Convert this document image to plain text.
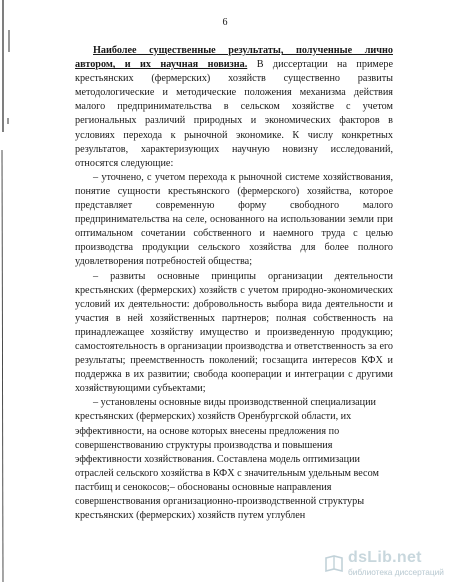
6

Наиболее существенные результаты, полученные лично автором, и их научная новизна. В диссертации на примере крестьянских (фермерских) хозяйств существенно развиты методологические и методические положения механизма действия малого предпринимательства в сельском хозяйстве с учетом региональных различий природных и экономических факторов в условиях перехода к рыночной экономике. К числу конкретных результатов, характеризующих научную новизну исследований, относятся следующие:

– уточнено, с учетом перехода к рыночной системе хозяйствования, понятие сущности крестьянского (фермерского) хозяйства, которое представляет современную форму свободного малого предпринимательства на селе, основанного на использовании земли при оптимальном сочетании собственного и наемного труда с целью производства продукции сельского хозяйства для более полного удовлетворения потребностей общества;

– развиты основные принципы организации деятельности крестьянских (фермерских) хозяйств с учетом природно-экономических условий их деятельности: добровольность выбора вида деятельности и участия в ней хозяйственных партнеров; полная собственность на принадлежащее хозяйству имущество и произведенную продукцию; самостоятельность в организации производства и ответственность за его результаты; преемственность поколений; госзащита интересов КФХ и поддержка в их развитии; свобода кооперации и интеграции с другими хозяйствующими субъектами;

– установлены основные виды производственной специализации крестьянских (фермерских) хозяйств Оренбургской области, их эффективности, на основе которых внесены предложения по совершенствованию структуры производства и повышения эффективности хозяйствования. Составлена модель оптимизации отраслей сельского хозяйства в КФХ с значительным удельным весом пастбищ и сенокосов;– обоснованы основные направления совершенствования организационно-производственной структуры крестьянских (фермерских) хозяйств путем углублен

dsLib.net
библиотека диссертаций
